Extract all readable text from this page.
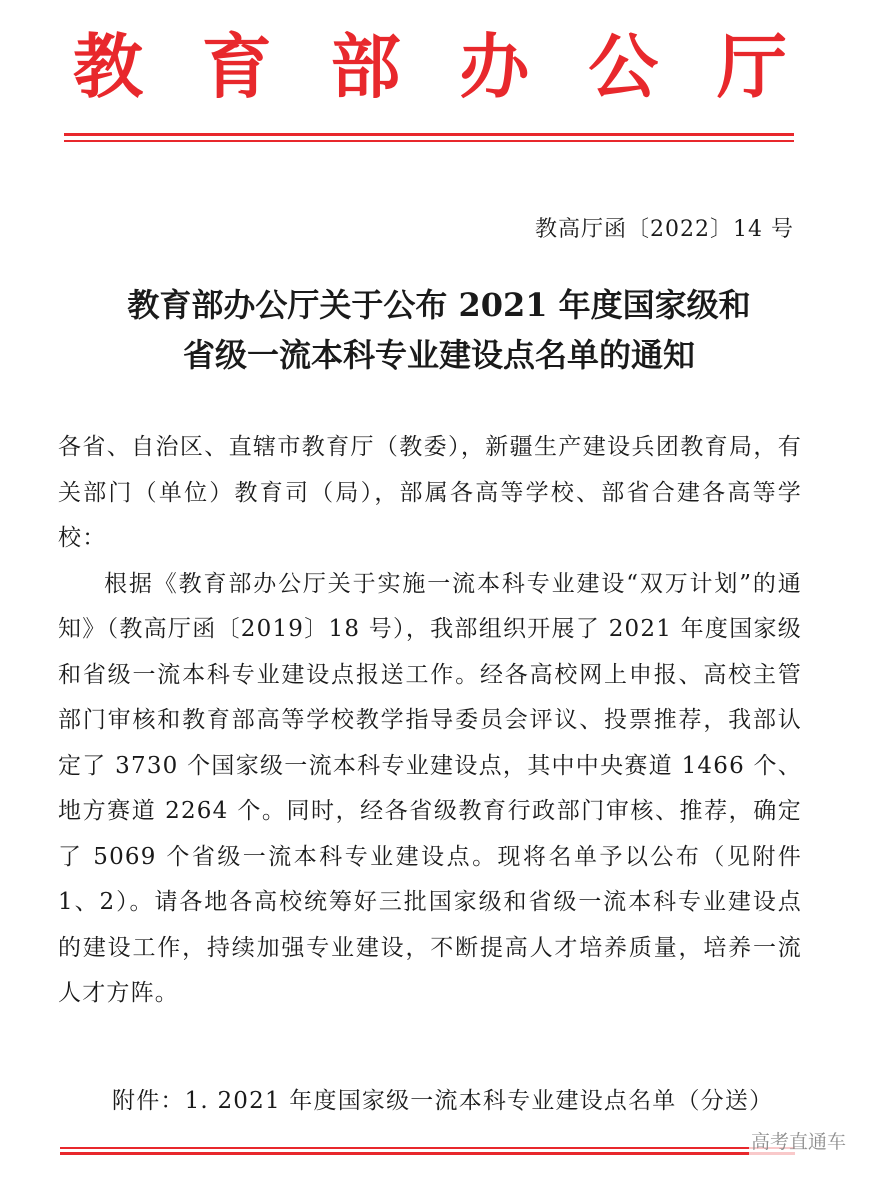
教 育 部 办 公 厅
教高厅函〔2022〕14 号
教育部办公厅关于公布 2021 年度国家级和
省级一流本科专业建设点名单的通知

各省、自治区、直辖市教育厅（教委），新疆生产建设兵团教育局，有关部门（单位）教育司（局），部属各高等学校、部省合建各高等学校：

根据《教育部办公厅关于实施一流本科专业建设“双万计划”的通知》（教高厅函〔2019〕18 号），我部组织开展了 2021 年度国家级和省级一流本科专业建设点报送工作。经各高校网上申报、高校主管部门审核和教育部高等学校教学指导委员会评议、投票推荐，我部认定了 3730 个国家级一流本科专业建设点，其中中央赛道 1466 个、地方赛道 2264 个。同时，经各省级教育行政部门审核、推荐，确定了 5069 个省级一流本科专业建设点。现将名单予以公布（见附件 1、2）。请各地各高校统筹好三批国家级和省级一流本科专业建设点的建设工作，持续加强专业建设，不断提高人才培养质量，培养一流人才方阵。

附件：1. 2021 年度国家级一流本科专业建设点名单（分送）
高考直通车
